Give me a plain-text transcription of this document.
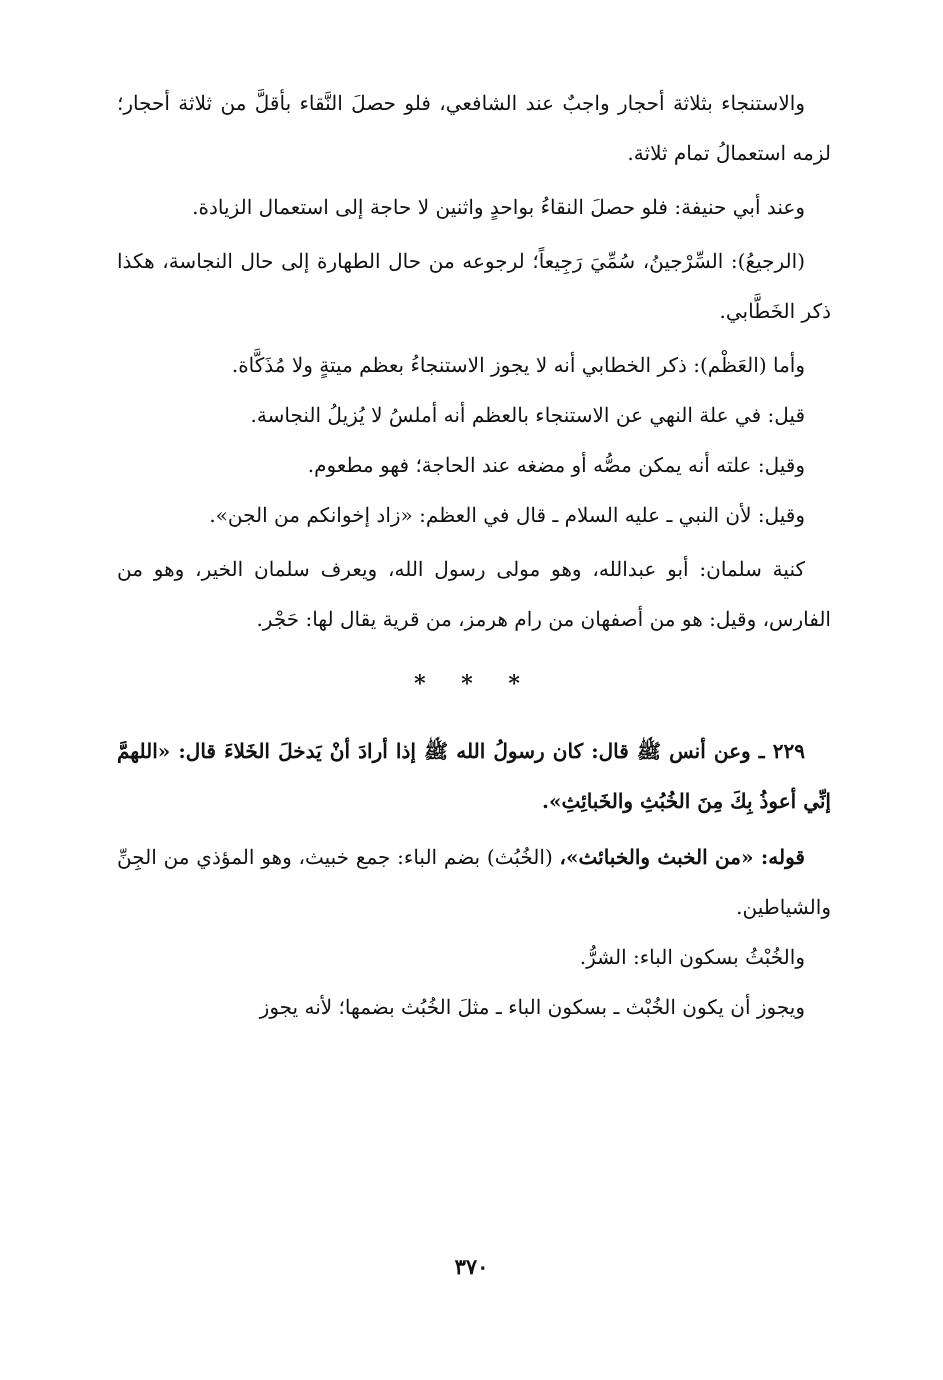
والاستنجاء بثلاثة أحجار واجبٌ عند الشافعي، فلو حصلَ النَّقاء بأقلَّ من ثلاثة أحجار؛ لزمه استعمالُ تمام ثلاثة.

وعند أبي حنيفة: فلو حصلَ النقاءُ بواحدٍ واثنين لا حاجة إلى استعمال الزيادة.

(الرجيعُ): السِّرْجينُ، سُمِّيَ رَجِيعاً؛ لرجوعه من حال الطهارة إلى حال النجاسة، هكذا ذكر الخَطَّابي.

وأما (العَظْم): ذكر الخطابي أنه لا يجوز الاستنجاءُ بعظم ميتةٍ ولا مُذَكَّاة.

قيل: في علة النهي عن الاستنجاء بالعظم أنه أملسُ لا يُزيلُ النجاسة.

وقيل: علته أنه يمكن مصُّه أو مضغه عند الحاجة؛ فهو مطعوم.

وقيل: لأن النبي ـ عليه السلام ـ قال في العظم: «زاد إخوانكم من الجن».

كنية سلمان: أبو عبدالله، وهو مولى رسول الله، ويعرف سلمان الخير، وهو من الفارس، وقيل: هو من أصفهان من رام هرمز، من قرية يقال لها: حَجْر.

* * *

٢٢٩ ـ وعن أنس ﷺ قال: كان رسولُ الله ﷺ إذا أرادَ أنْ يَدخلَ الخَلاءَ قال: «اللهمَّ إنِّي أعوذُ بِكَ مِنَ الخُبُثِ والخَبائِثِ».

قوله: «من الخبث والخبائث»، (الخُبُث) بضم الباء: جمع خبيث، وهو المؤذي من الجِنِّ والشياطين.

والخُبْثُ بسكون الباء: الشرُّ.

ويجوز أن يكون الخُبْث ـ بسكون الباء ـ مثلَ الخُبُث بضمها؛ لأنه يجوز

٣٧٠
